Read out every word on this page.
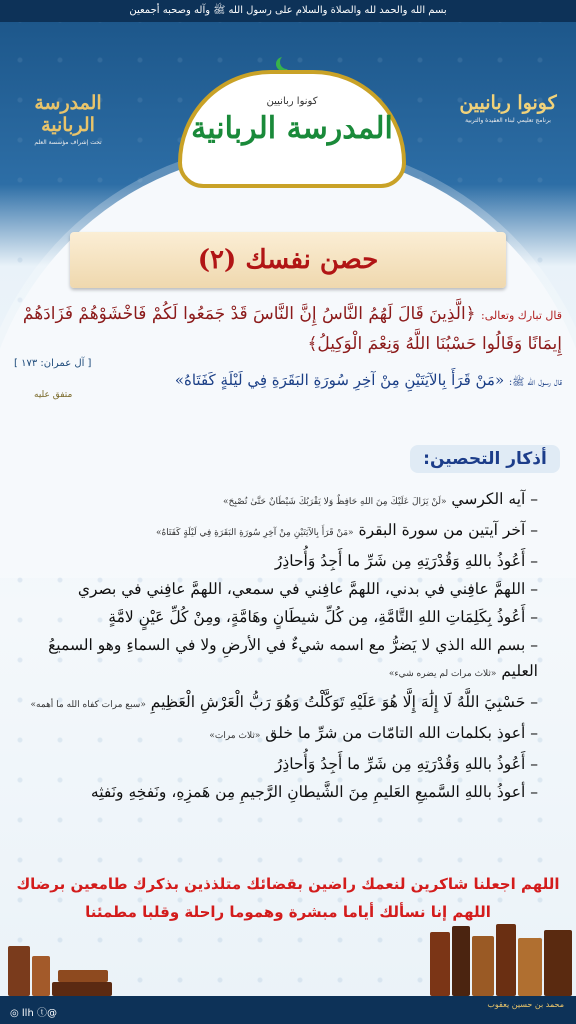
بسم الله والحمد لله والصلاة والسلام على رسول الله ﷺ وآله وصحبه أجمعين
المدرسة الربانية
تحت إشراف مؤسسة العلم
كونوا ربانيين
برنامج تعليمي لبناء العقيدة والتربية
كونوا ربانيين
المدرسة الربانية
حصن نفسك (٢)
قال تبارك وتعالى: ﴿الَّذِينَ قَالَ لَهُمُ النَّاسُ إِنَّ النَّاسَ قَدْ جَمَعُوا لَكُمْ فَاخْشَوْهُمْ فَزَادَهُمْ إِيمَانًا وَقَالُوا حَسْبُنَا اللَّهُ وَنِعْمَ الْوَكِيلُ﴾
[ آل عمران: ١٧٣ ]
قال رسول الله ﷺ: «مَنْ قَرَأَ بِالآيَتَيْنِ مِنْ آخِرِ سُورَةِ البَقَرَةِ فِي لَيْلَةٍ كَفَتَاهُ»
متفق عليه
أذكار التحصين:
– آيه الكرسي «لَنْ يَزَالَ عَلَيْكَ مِنَ اللهِ حَافِظٌ وَلا يَقْرَبُكَ شَيْطَانٌ حَتَّىٰ تُصْبِحَ»
– آخر آيتين من سورة البقرة «مَنْ قَرَأَ بِالآيَتَيْنِ مِنْ آخِرِ سُورَةِ البَقَرَةِ فِي لَيْلَةٍ كَفَتَاهُ»
– أَعُوذُ باللهِ وَقُدْرَتِهِ مِن شَرِّ ما أَجِدُ وَأُحاذِرُ
– اللهمَّ عافِني في بدني، اللهمَّ عافِني في سمعي، اللهمَّ عافِني في بصري
– أَعُوذُ بِكَلِمَاتِ اللهِ التَّامَّةِ، مِن كُلِّ شيطَانٍ وهَامَّةٍ، ومِنْ كُلِّ عَيْنٍ لامَّةٍ
– بسم الله الذي لا يَضرُّ مع اسمه شيءٌ في الأرضِ ولا في السماءِ وهو السميعُ العليم «ثلاث مرات لم يضره شيء»
– حَسْبِيَ اللَّهُ لَا إِلَٰهَ إِلَّا هُوَ عَلَيْهِ تَوَكَّلْتُ وَهُوَ رَبُّ الْعَرْشِ الْعَظِيمِ «سبع مرات كفاه الله ما أهمه»
– أعوذ بكلمات الله التامّات من شرِّ ما خلق «ثلاث مرات»
– أَعُوذُ باللهِ وَقُدْرَتِهِ مِن شَرِّ ما أَجِدُ وَأُحاذِرُ
– أعوذُ باللهِ السَّميعِ العَليمِ مِنَ الشَّيطانِ الرَّجيمِ مِن هَمزِهِ، ونَفخِهِ ونَفثِه
اللهم اجعلنا شاكرين لنعمك راضين بقضائك متلذذين بذكرك طامعين برضاك
اللهم إنا نسألك أياما مبشرة وهموما راحلة وقلبا مطمئنا
@llh ⓣ ◎
محمد بن حسين يعقوب
